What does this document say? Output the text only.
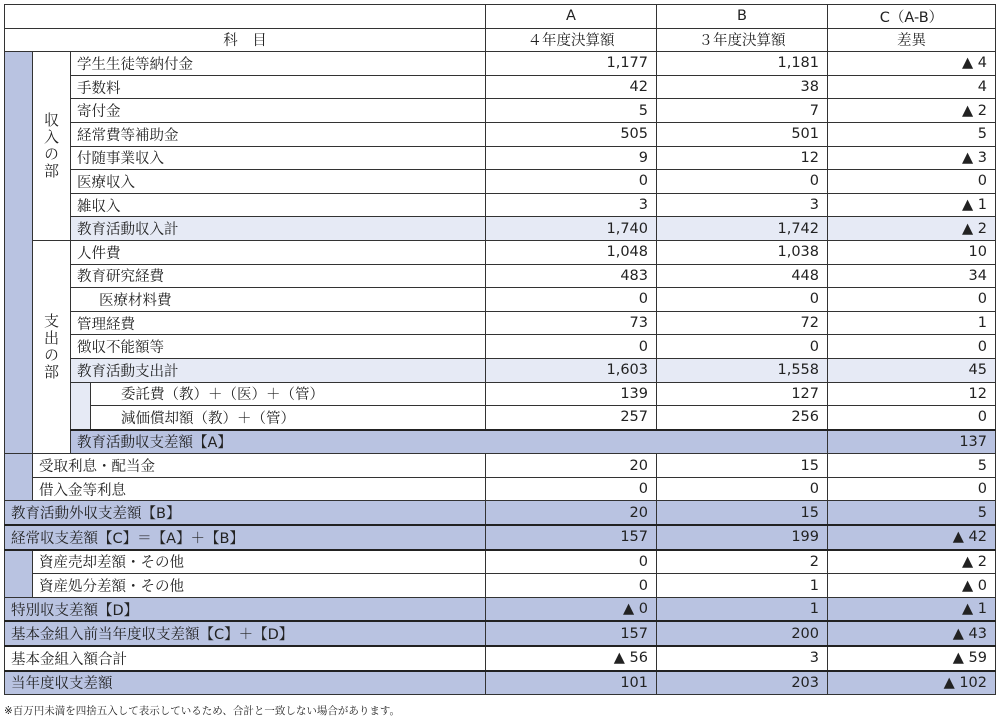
				A	B	C（A-B）	
科　目				４年度決算額	３年度決算額	差異	
	収入の部	学生生徒等納付金		1,177	1,181	▲ 4	
		手数料		42	38	4	
		寄付金		5	7	▲ 2	
		経常費等補助金		505	501	5	
		付随事業収入		9	12	▲ 3	
		医療収入		0	0	0	
		雑収入		3	3	▲ 1	
		教育活動収入計		1,740	1,742	▲ 2	
	支出の部	人件費		1,048	1,038	10	
		教育研究経費		483	448	34	
		医療材料費		0	0	0	
		管理経費		73	72	1	
		徴収不能額等		0	0	0	
		教育活動支出計		1,603	1,558	45	
			委託費（教）＋（医）＋（管）	139	127	12	
			減価償却額（教）＋（管）	257	256	0	
		教育活動収支差額【A】				137		
	受取利息・配当金			20	15	5	
	借入金等利息			0	0	0	
教育活動外収支差額【B】				20	15	5	
経常収支差額【C】＝【A】＋【B】				157	199	▲ 42	
	資産売却差額・その他			0	2	▲ 2	
	資産処分差額・その他			0	1	▲ 0	
特別収支差額【D】				▲ 0	1	▲ 1	
基本金組入前当年度収支差額【C】＋【D】				157	200	▲ 43	
基本金組入額合計				▲ 56	3	▲ 59	
当年度収支差額				101	203	▲ 102	
※百万円未満を四捨五入して表示しているため、合計と一致しない場合があります。
